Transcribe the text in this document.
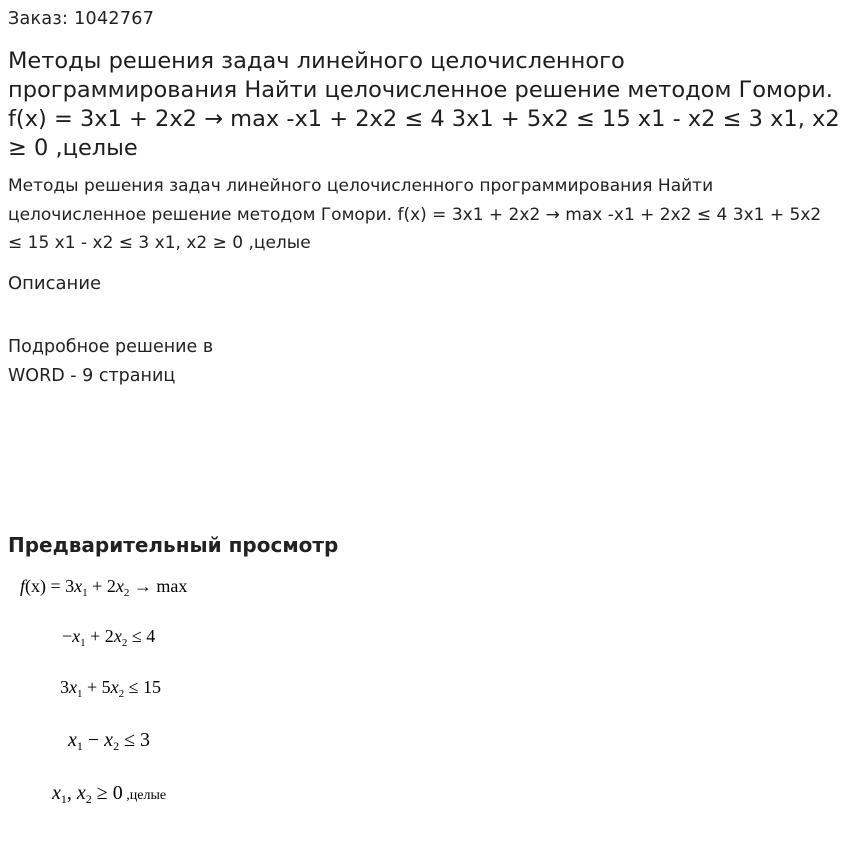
Заказ: 1042767
Методы решения задач линейного целочисленного программирования Найти целочисленное решение методом Гомори. f(x) = 3x1 + 2x2 → max -x1 + 2x2 ≤ 4 3x1 + 5x2 ≤ 15 x1 - x2 ≤ 3 x1, x2 ≥ 0 ,целые
Методы решения задач линейного целочисленного программирования Найти целочисленное решение методом Гомори. f(x) = 3x1 + 2x2 → max -x1 + 2x2 ≤ 4 3x1 + 5x2 ≤ 15 x1 - x2 ≤ 3 x1, x2 ≥ 0 ,целые
Описание
Подробное решение в
WORD - 9 страниц
Предварительный просмотр
$f(x) = 3x_1 + 2x_2 \to \max$
$-x_1 + 2x_2 \le 4$
$3x_1 + 5x_2 \le 15$
$x_1 - x_2 \le 3$
$x_1$, $x_2 \ge 0$ ,целые
